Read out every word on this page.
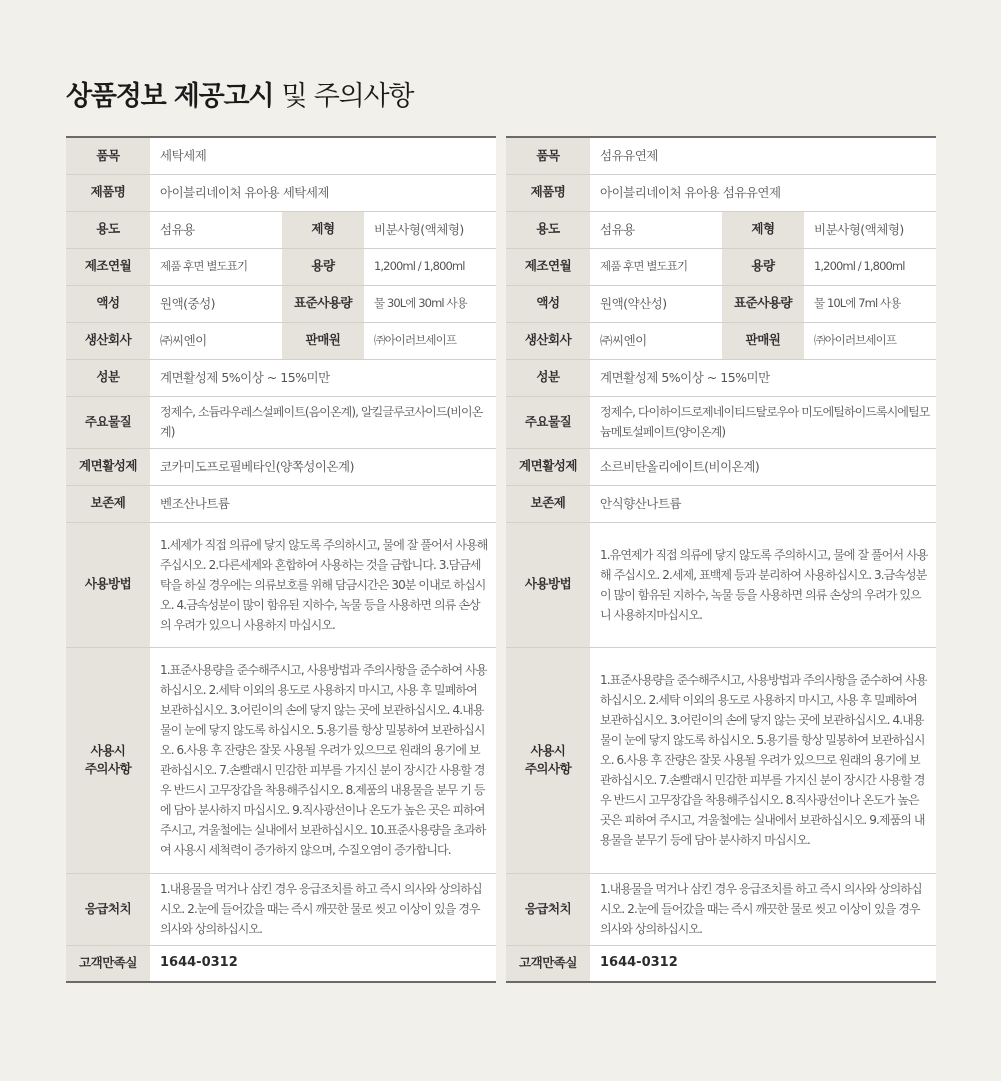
상품정보 제공고시 및 주의사항
품목	세탁세제		
제품명	아이블리네이처 유아용 세탁세제		
용도	섬유용	제형	비분사형(액체형)
제조연월	제품 후면 별도표기	용량	1,200ml / 1,800ml
액성	원액(중성)	표준사용량	물 30L에 30ml 사용
생산회사	㈜씨엔이	판매원	㈜아이러브세이프
성분	계면활성제 5%이상 ~ 15%미만		
주요물질	정제수, 소듐라우레스설페이트(음이온계), 알킬글루코사이드(비이온계)		
계면활성제	코카미도프로필베타인(양쪽성이온계)		
보존제	벤조산나트륨		
사용방법	1.세제가 직접 의류에 닿지 않도록 주의하시고, 물에 잘 풀어서 사용해 주십시오. 2.다른세제와 혼합하여 사용하는 것을 금합니다. 3.담금세탁을 하실 경우에는 의류보호를 위해 담금시간은 30분 이내로 하십시오. 4.금속성분이 많이 함유된 지하수, 녹물 등을 사용하면 의류 손상의 우려가 있으니 사용하지 마십시오.		

사용시
주의사항	1.표준사용량을 준수해주시고, 사용방법과 주의사항을 준수하여 사용하십시오. 2.세탁 이외의 용도로 사용하지 마시고, 사용 후 밀폐하여 보관하십시오. 3.어린이의 손에 닿지 않는 곳에 보관하십시오. 4.내용물이 눈에 닿지 않도록 하십시오. 5.용기를 항상 밀봉하여 보관하십시오. 6.사용 후 잔량은 잘못 사용될 우려가 있으므로 원래의 용기에 보관하십시오. 7.손빨래시 민감한 피부를 가지신 분이 장시간 사용할 경우 반드시 고무장갑을 착용해주십시오. 8.제품의 내용물을 분무 기 등에 담아 분사하지 마십시오. 9.직사광선이나 온도가 높은 곳은 피하여 주시고, 겨울철에는 실내에서 보관하십시오. 10.표준사용량을 초과하여 사용시 세척력이 증가하지 않으며, 수질오염이 증가합니다.		
응급처치	1.내용물을 먹거나 삼킨 경우 응급조치를 하고 즉시 의사와 상의하십시오. 2.눈에 들어갔을 때는 즉시 깨끗한 물로 씻고 이상이 있을 경우 의사와 상의하십시오.		
고객만족실	1644-0312		
품목	섬유유연제		
제품명	아이블리네이처 유아용 섬유유연제		
용도	섬유용	제형	비분사형(액체형)
제조연월	제품 후면 별도표기	용량	1,200ml / 1,800ml
액성	원액(약산성)	표준사용량	물 10L에 7ml 사용
생산회사	㈜씨엔이	판매원	㈜아이러브세이프
성분	계면활성제 5%이상 ~ 15%미만		
주요물질	정제수, 다이하이드로제네이티드탈로우아 미도에틸하이드록시에틸모늄메토설페이트(양이온계)		
계면활성제	소르비탄올리에이트(비이온계)		
보존제	안식향산나트륨		
사용방법	1.유연제가 직접 의류에 닿지 않도록 주의하시고, 물에 잘 풀어서 사용해 주십시오. 2.세제, 표백제 등과 분리하여 사용하십시오. 3.금속성분이 많이 함유된 지하수, 녹물 등을 사용하면 의류 손상의 우려가 있으니 사용하지마십시오.		

사용시
주의사항	1.표준사용량을 준수해주시고, 사용방법과 주의사항을 준수하여 사용하십시오. 2.세탁 이외의 용도로 사용하지 마시고, 사용 후 밀폐하여 보관하십시오. 3.어린이의 손에 닿지 않는 곳에 보관하십시오. 4.내용물이 눈에 닿지 않도록 하십시오. 5.용기를 항상 밀봉하여 보관하십시오. 6.사용 후 잔량은 잘못 사용될 우려가 있으므로 원래의 용기에 보관하십시오. 7.손빨래시 민감한 피부를 가지신 분이 장시간 사용할 경우 반드시 고무장갑을 착용해주십시오. 8.직사광선이나 온도가 높은 곳은 피하여 주시고, 겨울철에는 실내에서 보관하십시오. 9.제품의 내용물을 분무기 등에 담아 분사하지 마십시오.		
응급처치	1.내용물을 먹거나 삼킨 경우 응급조치를 하고 즉시 의사와 상의하십시오. 2.눈에 들어갔을 때는 즉시 깨끗한 물로 씻고 이상이 있을 경우 의사와 상의하십시오.		
고객만족실	1644-0312		
